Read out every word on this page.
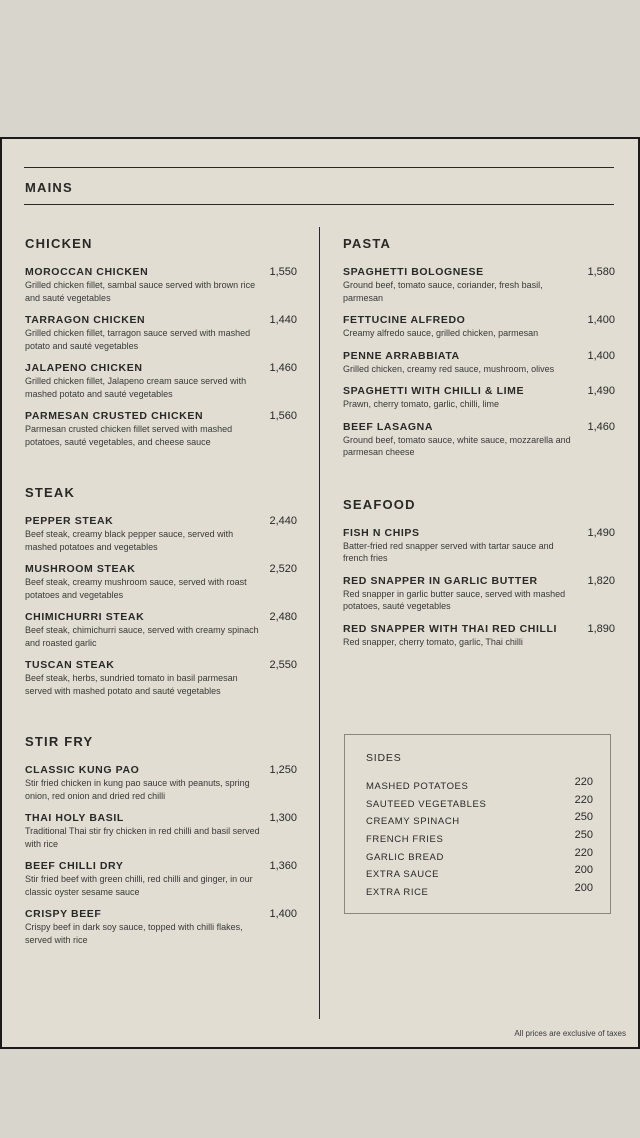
MAINS
CHICKEN
MOROCCAN CHICKEN	1,550
Grilled chicken fillet, sambal sauce served with brown rice and sauté vegetables
TARRAGON CHICKEN	1,440
Grilled chicken fillet, tarragon sauce served with mashed potato and sauté vegetables
JALAPENO CHICKEN	1,460
Grilled chicken fillet, Jalapeno cream sauce served with mashed potato and sauté vegetables
PARMESAN CRUSTED CHICKEN	1,560
Parmesan crusted chicken fillet served with mashed potatoes, sauté vegetables, and cheese sauce
STEAK
PEPPER STEAK	2,440
Beef steak, creamy black pepper sauce, served with mashed potatoes and vegetables
MUSHROOM STEAK	2,520
Beef steak, creamy mushroom sauce, served with roast potatoes and vegetables
CHIMICHURRI STEAK	2,480
Beef steak, chimichurri sauce, served with creamy spinach and roasted garlic
TUSCAN STEAK	2,550
Beef steak, herbs, sundried tomato in basil parmesan served with mashed potato and sauté vegetables
STIR FRY
CLASSIC KUNG PAO	1,250
Stir fried chicken in kung pao sauce with peanuts, spring onion, red onion and dried red chilli
THAI HOLY BASIL	1,300
Traditional Thai stir fry chicken in red chilli and basil served with rice
BEEF CHILLI DRY	1,360
Stir fried beef with green chilli, red chilli and ginger, in our classic oyster sesame sauce
CRISPY BEEF	1,400
Crispy beef in dark soy sauce, topped with chilli flakes, served with rice
PASTA
SPAGHETTI BOLOGNESE	1,580
Ground beef, tomato sauce, coriander, fresh basil, parmesan
FETTUCINE ALFREDO	1,400
Creamy alfredo sauce, grilled chicken, parmesan
PENNE ARRABBIATA	1,400
Grilled chicken, creamy red sauce, mushroom, olives
SPAGHETTI WITH CHILLI & LIME	1,490
Prawn, cherry tomato, garlic, chilli, lime
BEEF LASAGNA	1,460
Ground beef, tomato sauce, white sauce, mozzarella and parmesan cheese
SEAFOOD
FISH N CHIPS	1,490
Batter-fried red snapper served with tartar sauce and french fries
RED SNAPPER IN GARLIC BUTTER	1,820
Red snapper in garlic butter sauce, served with mashed potatoes, sauté vegetables
RED SNAPPER WITH THAI RED CHILLI	1,890
Red snapper, cherry tomato, garlic, Thai chilli
SIDES
MASHED POTATOES	220
SAUTEED VEGETABLES	220
CREAMY SPINACH	250
FRENCH FRIES	250
GARLIC BREAD	220
EXTRA SAUCE	200
EXTRA RICE	200
All prices are exclusive of taxes
